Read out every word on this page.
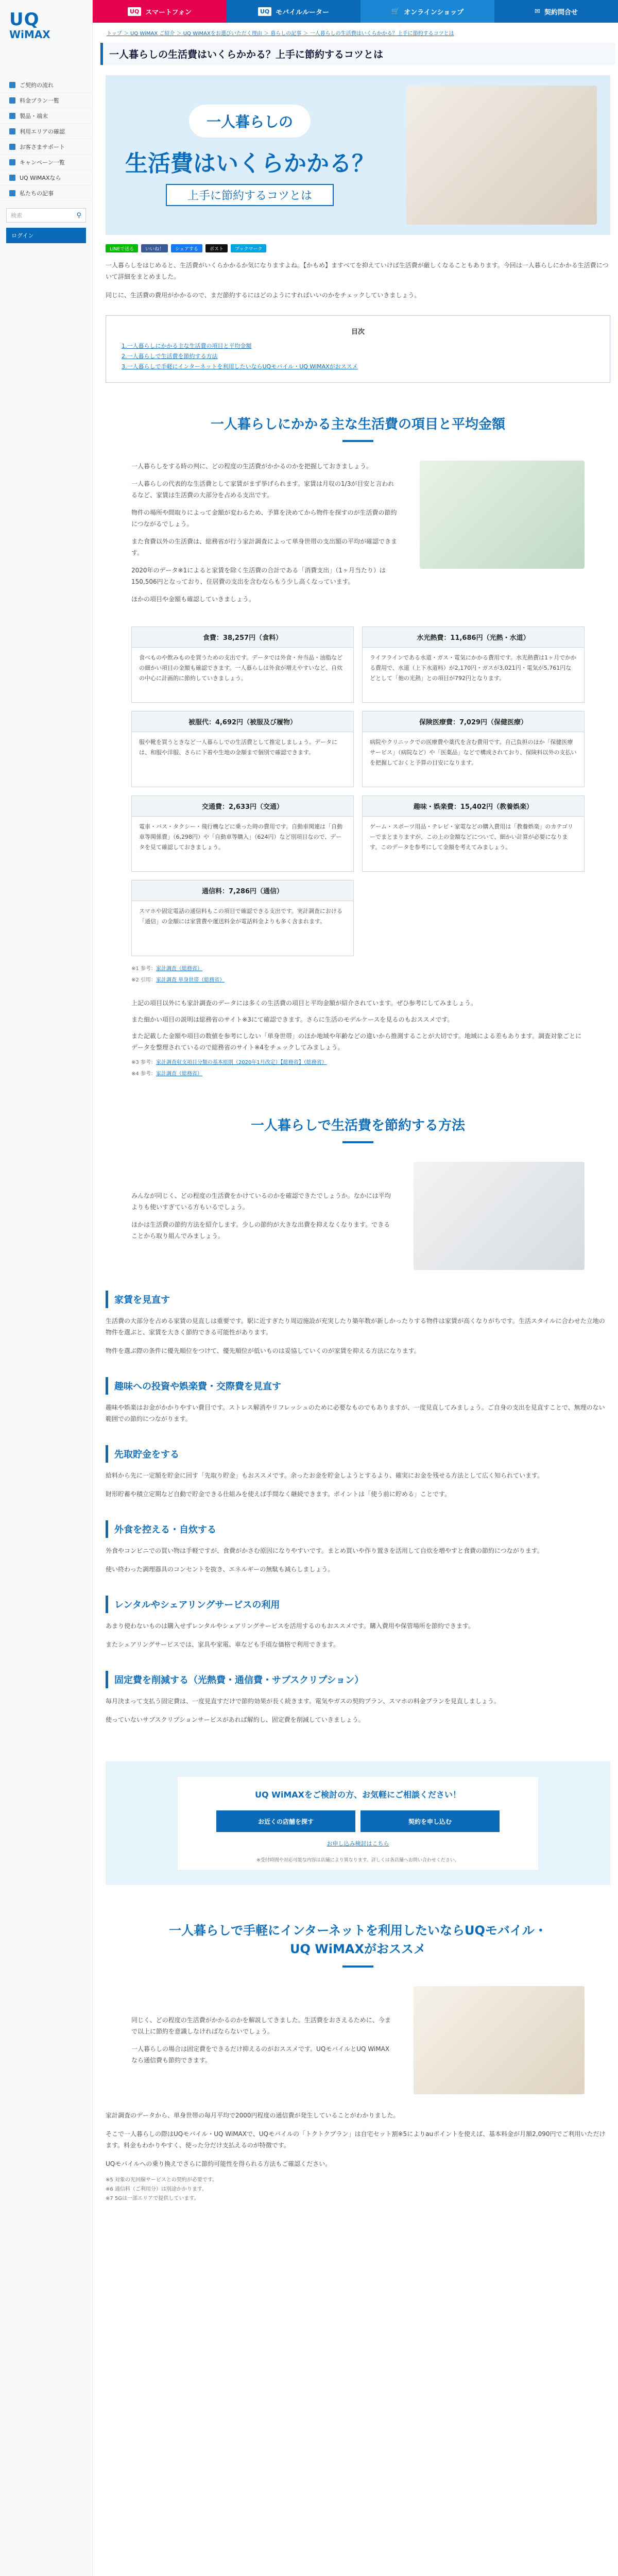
UQ
WiMAX
ご契約の流れ
料金プラン一覧
製品・端末
利用エリアの確認
お客さまサポート
キャンペーン一覧
UQ WiMAXなら
私たちの記事
検索	⚲
ログイン
UQ スマートフォン	UQ モバイルルーター	🛒 オンラインショップ	✉ 契約問合せ
トップ ＞ UQ WiMAX ご紹介 ＞ UQ WiMAXをお選びいただく理由 ＞ 暮らしの記事 ＞ 一人暮らしの生活費はいくらかかる？上手に節約するコツとは
一人暮らしの生活費はいくらかかる？上手に節約するコツとは
一人暮らしの
生活費はいくらかかる？
上手に節約するコツとは
LINEで送る	いいね！	シェアする	ポスト	ブックマーク

一人暮らしをはじめると、生活費がいくらかかるか気になりますよね。【かもめ】ますべてを抑えていけば生活費が厳しくなることもあります。今回は一人暮らしにかかる生活費について詳細をまとめました。

同じに、生活費の費用がかかるので、まだ節約するにはどのようにすればいいのかをチェックしていきましょう。

目次
1.一人暮らしにかかる主な生活費の項目と平均金額
2.一人暮らしで生活費を節約する方法
3.一人暮らしで手軽にインターネットを利用したいならUQモバイル・UQ WiMAXがおススメ
一人暮らしにかかる主な生活費の項目と平均金額

一人暮らしをする時の判に、どの程度の生活費がかかるのかを把握しておきましょう。

一人暮らしの代表的な生活費として家賃がまず挙げられます。家賃は月収の1/3が目安と言われるなど、家賃は生活費の大部分を占める支出です。

物件の場所や間取りによって金額が変わるため、予算を決めてから物件を探すのが生活費の節約につながるでしょう。

また食費以外の生活費は、総務省が行う家計調査によって単身世帯の支出額の平均が確認できます。

2020年のデータ※1によると家賃を除く生活費の合計である「消費支出」（1ヶ月当たり）は150,506円となっており、住居費の支出を含むならもう少し高くなっています。

ほかの項目や金額も確認していきましょう。

食費：38,257円（食料）
食べものや飲みものを買うための支出です。データでは外食・弁当品・油脂などの細かい項目の金額も確認できます。一人暮らしは外食が増えやすいなど、自炊の中心に計画的に節約していきましょう。
水光熱費：11,686円（光熱・水道）
ライフラインである水道・ガス・電気にかかる費用です。水光熱費は1ヶ月でかかる費用で、水道（上下水道料）が2,170円・ガスが3,021円・電気が5,761円などとして「他の光熱」との項目が792円となります。
被服代：4,692円（被服及び履物）
服や靴を買うときなど一人暮らしでの生活費として推定しましょう。データには、和服や洋服、さらに下着や生地の金額まで個別で確認できます。
保険医療費：7,029円（保健医療）
病院やクリニックでの医療費や薬代を含む費用です。自己負担のほか「保健医療サービス」（病院など）や「医薬品」などで構成されており、保険料以外の支払いを把握しておくと予算の目安になります。
交通費：2,633円（交通）
電車・バス・タクシー・飛行機などに乗った時の費用です。自動車関連は「自動車等関係費」（6,298円）や「自動車等購入」（624円）など別項目なので、データを見て確認しておきましょう。
趣味・娯楽費：15,402円（教養娯楽）
ゲーム・スポーツ用品・テレビ・家電などの購入費用は「教養娯楽」のカテゴリーでまとまりますが、この上の金額などについて、細かい計算が必要になります。このデータを参考にして金額を考えてみましょう。
通信料：7,286円（通信）
スマホや固定電話の通信料もこの項目で確認できる支出です。実計調査における「通信」の金額には家賃費や運送料金が電話料金よりも多く含まれます。
※1 参考：家計調査（総務省）
※2 引用：家計調査 単身世帯（総務省）

上記の項目以外にも家計調査のデータには多くの生活費の項目と平均金額が紹介されています。ぜひ参考にしてみましょう。

また細かい項目の説明は総務省のサイト※3にて確認できます。さらに生活のモデルケースを見るのもおススメです。

また記載した金額や項目の数値を参考にしない「単身世帯」のほか地域や年齢などの違いから推測することが大切です。地域による差もあります。調査対象ごとにデータを整理されているので総務省のサイト※4をチェックしてみましょう。

※3 参考：家計調査収支項目分類の基本原則（2020年1月改定）【総務省】（総務省）
※4 参考：家計調査（総務省）
一人暮らしで生活費を節約する方法

みんなが同じく、どの程度の生活費をかけているのかを確認できたでしょうか。なかには平均よりも使いすぎている方もいるでしょう。

ほかは生活費の節約方法を紹介します。少しの節約が大きな出費を抑えなくなります。できることから取り組んでみましょう。

家賃を見直す

生活費の大部分を占める家賃の見直しは重要です。駅に近すぎたり周辺施設が充実したり築年数が新しかったりする物件は家賃が高くなりがちです。生活スタイルに合わせた立地の物件を選ぶと、家賃を大きく節約できる可能性があります。

物件を選ぶ際の条件に優先順位をつけて、優先順位が低いものは妥協していくのが家賃を抑える方法になります。

趣味への投資や娯楽費・交際費を見直す

趣味や娯楽はお金がかかりやすい費目です。ストレス解消やリフレッシュのために必要なものでもありますが、一度見直してみましょう。ご自身の支出を見直すことで、無理のない範囲での節約につながります。

先取貯金をする

給料から先に一定額を貯金に回す「先取り貯金」もおススメです。余ったお金を貯金しようとするより、確実にお金を残せる方法として広く知られています。

財形貯蓄や積立定期など自動で貯金できる仕組みを使えば手間なく継続できます。ポイントは「使う前に貯める」ことです。

外食を控える・自炊する

外食やコンビニでの買い物は手軽ですが、食費がかさむ原因になりやすいです。まとめ買いや作り置きを活用して自炊を増やすと食費の節約につながります。

使い終わった調理器具のコンセントを抜き、エネルギーの無駄も減らしましょう。

レンタルやシェアリングサービスの利用

あまり使わないものは購入せずレンタルやシェアリングサービスを活用するのもおススメです。購入費用や保管場所を節約できます。

またシェアリングサービスでは、家具や家電、車なども手頃な価格で利用できます。

固定費を削減する（光熱費・通信費・サブスクリプション）

毎月決まって支払う固定費は、一度見直すだけで節約効果が長く続きます。電気やガスの契約プラン、スマホの料金プランを見直しましょう。

使っていないサブスクリプションサービスがあれば解約し、固定費を削減していきましょう。

UQ WiMAXをご検討の方、お気軽にご相談ください！
お近くの店舗を探す	契約を申し込む
お申し込み検討はこちら
※受付時間や対応可能な内容は店舗により異なります。詳しくは各店舗へお問い合わせください。
一人暮らしで手軽にインターネットを利用したいならUQモバイル・UQ WiMAXがおススメ

同じく、どの程度の生活費がかかるのかを解説してきました。生活費をおさえるために、今まで以上に節約を意識しなければならないでしょう。

一人暮らしの場合は固定費をできるだけ抑えるのがおススメです。UQモバイルとUQ WiMAXなら通信費も節約できます。

家計調査のデータから、単身世帯の毎月平均で2000円程度の通信費が発生していることがわかりました。

そこで一人暮らしの際はUQモバイル・UQ WiMAXで、UQモバイルの「トクトクプラン」は自宅セット割※5によりauポイントを使えば、基本料金が月額2,090円でご利用いただけます。料金もわかりやすく、使った分だけ支払えるのが特徴です。

UQモバイルへの乗り換えでさらに節約可能性を得られる方法もご確認ください。

※5 対象の光回線サービスとの契約が必要です。
※6 通信料（ご利用分）は別途かかります。
※7 5Gは一部エリアで提供しています。
